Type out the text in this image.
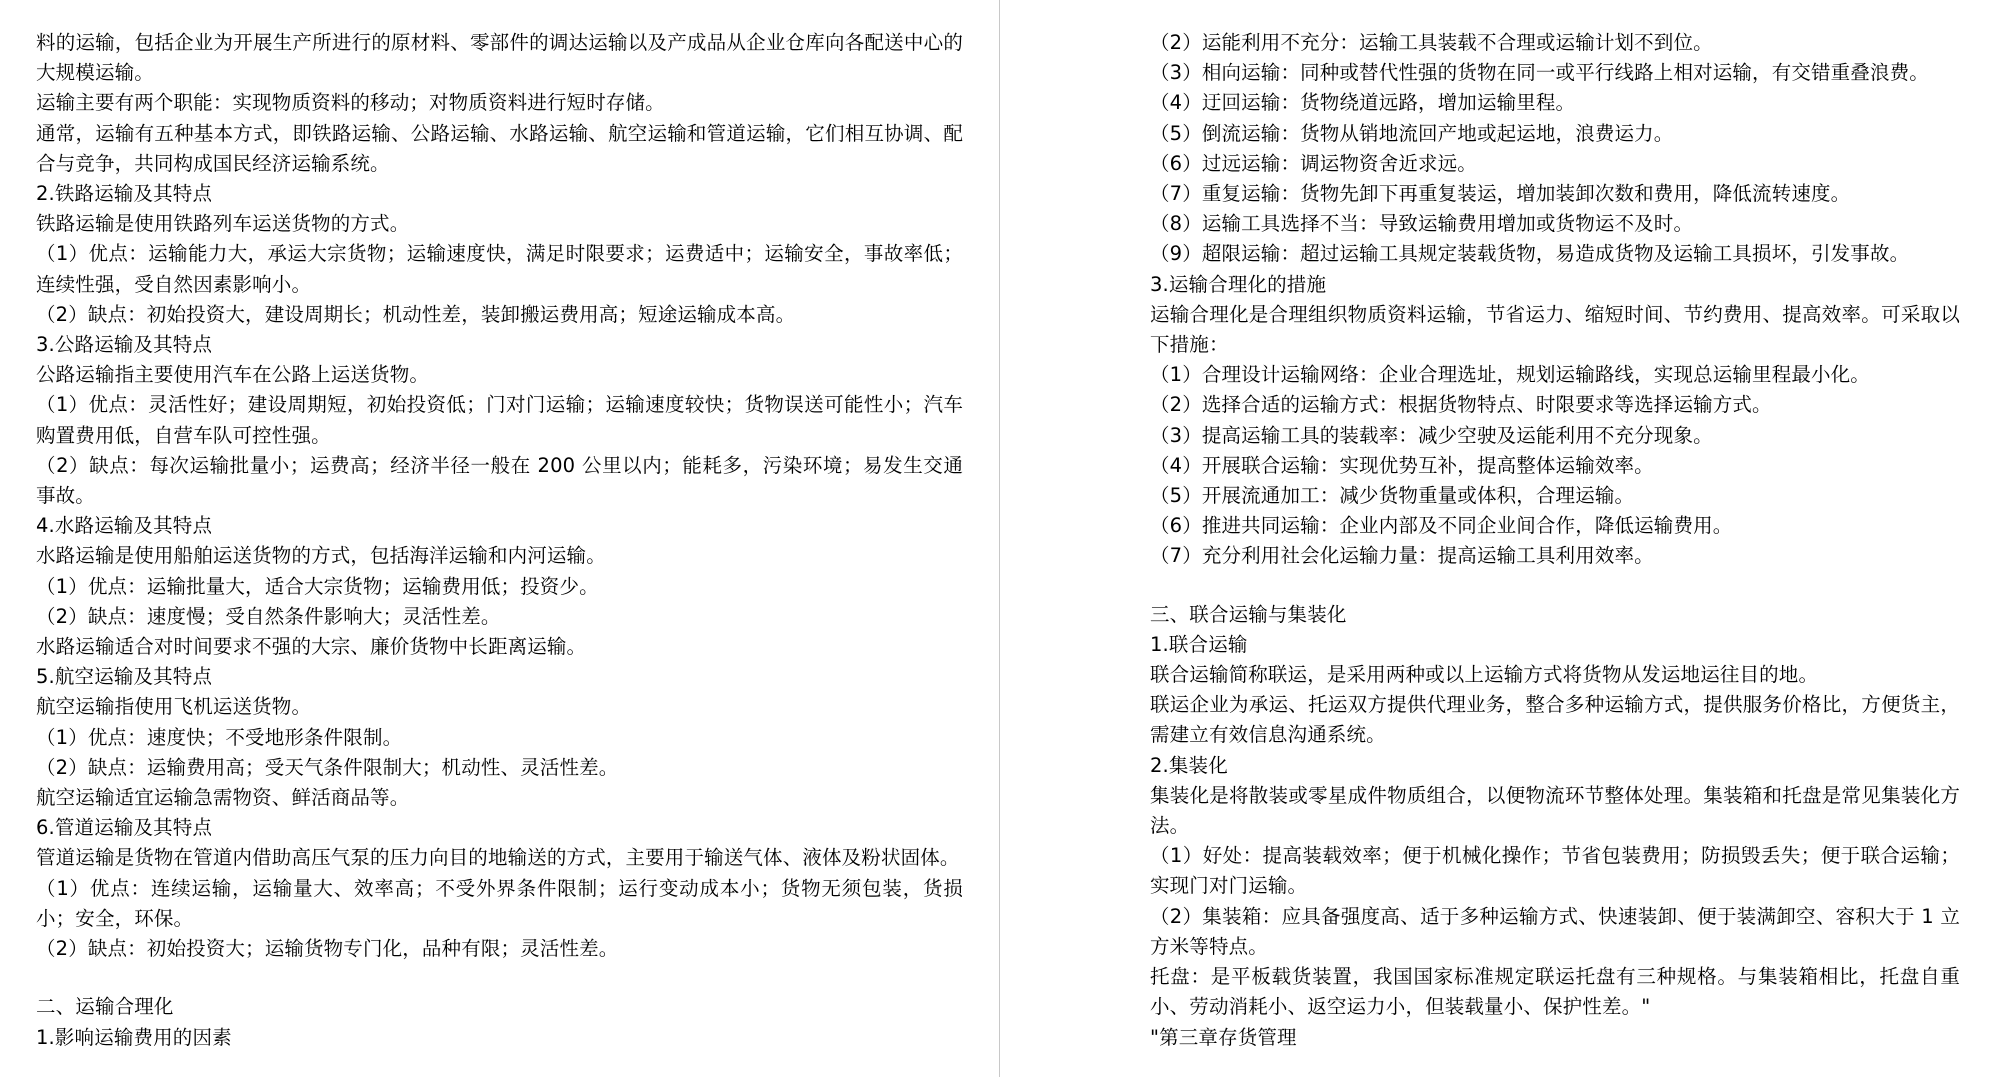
料的运输，包括企业为开展生产所进行的原材料、零部件的调达运输以及产成品从企业仓库向各配送中心的大规模运输。

运输主要有两个职能：实现物质资料的移动；对物质资料进行短时存储。

通常，运输有五种基本方式，即铁路运输、公路运输、水路运输、航空运输和管道运输，它们相互协调、配合与竞争，共同构成国民经济运输系统。

2.铁路运输及其特点

铁路运输是使用铁路列车运送货物的方式。

（1）优点：运输能力大，承运大宗货物；运输速度快，满足时限要求；运费适中；运输安全，事故率低；连续性强，受自然因素影响小。

（2）缺点：初始投资大，建设周期长；机动性差，装卸搬运费用高；短途运输成本高。

3.公路运输及其特点

公路运输指主要使用汽车在公路上运送货物。

（1）优点：灵活性好；建设周期短，初始投资低；门对门运输；运输速度较快；货物误送可能性小；汽车购置费用低，自营车队可控性强。

（2）缺点：每次运输批量小；运费高；经济半径一般在 200 公里以内；能耗多，污染环境；易发生交通事故。

4.水路运输及其特点

水路运输是使用船舶运送货物的方式，包括海洋运输和内河运输。

（1）优点：运输批量大，适合大宗货物；运输费用低；投资少。

（2）缺点：速度慢；受自然条件影响大；灵活性差。

水路运输适合对时间要求不强的大宗、廉价货物中长距离运输。

5.航空运输及其特点

航空运输指使用飞机运送货物。

（1）优点：速度快；不受地形条件限制。

（2）缺点：运输费用高；受天气条件限制大；机动性、灵活性差。

航空运输适宜运输急需物资、鲜活商品等。

6.管道运输及其特点

管道运输是货物在管道内借助高压气泵的压力向目的地输送的方式，主要用于输送气体、液体及粉状固体。

（1）优点：连续运输，运输量大、效率高；不受外界条件限制；运行变动成本小；货物无须包装，货损小；安全，环保。

（2）缺点：初始投资大；运输货物专门化，品种有限；灵活性差。

二、运输合理化

1.影响运输费用的因素

（2）运能利用不充分：运输工具装载不合理或运输计划不到位。

（3）相向运输：同种或替代性强的货物在同一或平行线路上相对运输，有交错重叠浪费。

（4）迂回运输：货物绕道远路，增加运输里程。

（5）倒流运输：货物从销地流回产地或起运地，浪费运力。

（6）过远运输：调运物资舍近求远。

（7）重复运输：货物先卸下再重复装运，增加装卸次数和费用，降低流转速度。

（8）运输工具选择不当：导致运输费用增加或货物运不及时。

（9）超限运输：超过运输工具规定装载货物，易造成货物及运输工具损坏，引发事故。

3.运输合理化的措施

运输合理化是合理组织物质资料运输，节省运力、缩短时间、节约费用、提高效率。可采取以下措施：

（1）合理设计运输网络：企业合理选址，规划运输路线，实现总运输里程最小化。

（2）选择合适的运输方式：根据货物特点、时限要求等选择运输方式。

（3）提高运输工具的装载率：减少空驶及运能利用不充分现象。

（4）开展联合运输：实现优势互补，提高整体运输效率。

（5）开展流通加工：减少货物重量或体积，合理运输。

（6）推进共同运输：企业内部及不同企业间合作，降低运输费用。

（7）充分利用社会化运输力量：提高运输工具利用效率。

三、联合运输与集装化

1.联合运输

联合运输简称联运，是采用两种或以上运输方式将货物从发运地运往目的地。

联运企业为承运、托运双方提供代理业务，整合多种运输方式，提供服务价格比，方便货主，需建立有效信息沟通系统。

2.集装化

集装化是将散装或零星成件物质组合，以便物流环节整体处理。集装箱和托盘是常见集装化方法。

（1）好处：提高装载效率；便于机械化操作；节省包装费用；防损毁丢失；便于联合运输；实现门对门运输。

（2）集装箱：应具备强度高、适于多种运输方式、快速装卸、便于装满卸空、容积大于 1 立方米等特点。

托盘：是平板载货装置，我国国家标准规定联运托盘有三种规格。与集装箱相比，托盘自重小、劳动消耗小、返空运力小，但装载量小、保护性差。"

"第三章存货管理
